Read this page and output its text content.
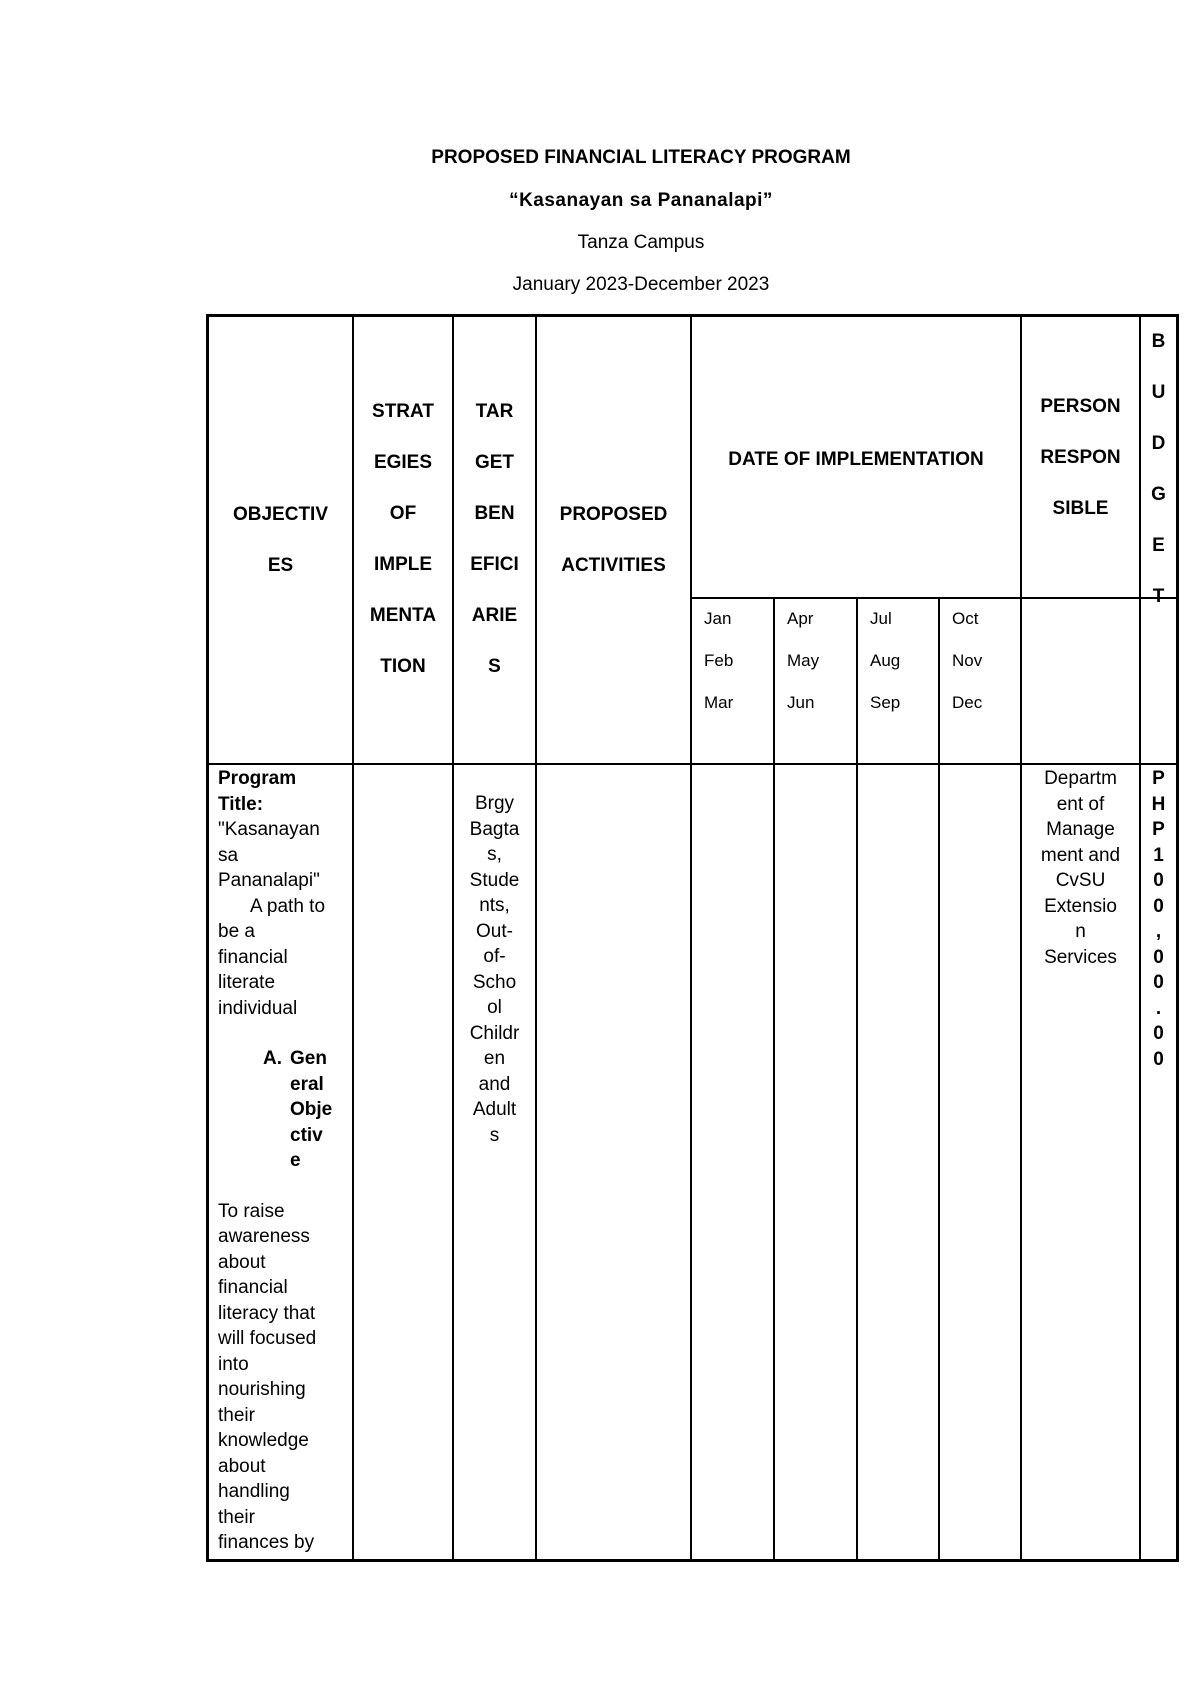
PROPOSED FINANCIAL LITERACY PROGRAM
“Kasanayan sa Pananalapi”
Tanza Campus
January 2023-December 2023
OBJECTIV
ES
STRAT
EGIES
OF
IMPLE
MENTA
TION
TAR
GET
BEN
EFICI
ARIE
S
PROPOSED
ACTIVITIES
DATE OF IMPLEMENTATION
PERSON
RESPON
SIBLE
B
U
D
G
E
T
Jan
Feb
Mar
Apr
May
Jun
Jul
Aug
Sep
Oct
Nov
Dec
Program Title:
"Kasanayan
sa
Pananalapi"
A path to
be a
financial
literate
individual
A. Gen
eral
Obje
ctiv
e
To raise
awareness
about
financial
literacy that
will focused
into
nourishing
their
knowledge
about
handling
their
finances by
Brgy
Bagta
s,
Stude
nts,
Out-
of-
Scho
ol
Childr
en
and
Adult
s
Departm
ent of
Manage
ment and
CvSU
Extensio
n
Services
P
H
P
1
0
0
,
0
0
.
0
0
